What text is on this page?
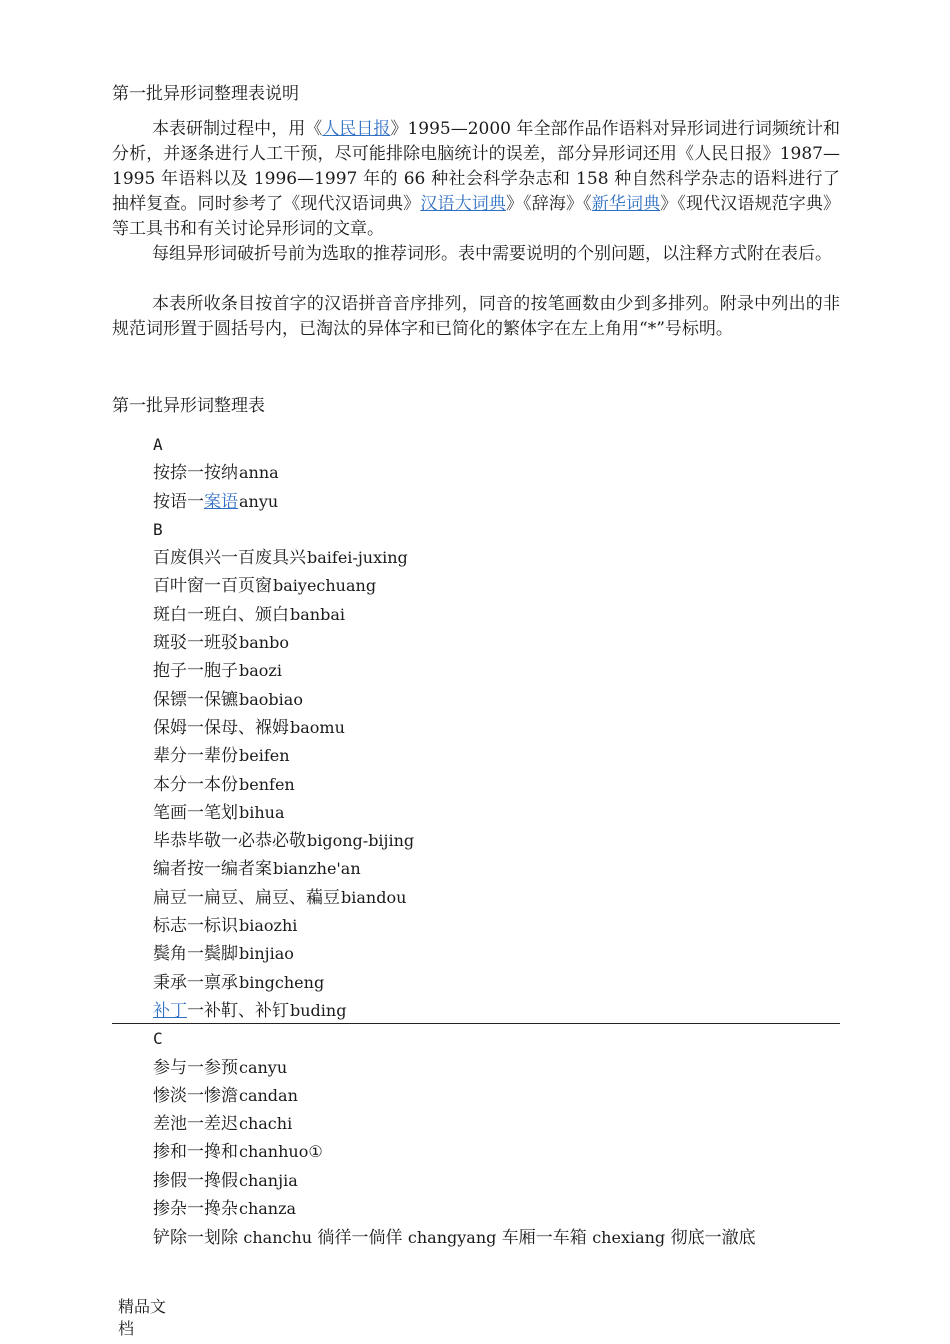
第一批异形词整理表说明
本表研制过程中，用《人民日报》1995—2000 年全部作品作语料对异形词进行词频统计和分析，并逐条进行人工干预，尽可能排除电脑统计的误差，部分异形词还用《人民日报》1987—1995 年语料以及 1996—1997 年的 66 种社会科学杂志和 158 种自然科学杂志的语料进行了抽样复查。同时参考了《现代汉语词典》汉语大词典》《辞海》《新华词典》《现代汉语规范字典》等工具书和有关讨论异形词的文章。
每组异形词破折号前为选取的推荐词形。表中需要说明的个别问题，以注释方式附在表后。
本表所收条目按首字的汉语拼音音序排列，同音的按笔画数由少到多排列。附录中列出的非规范词形置于圆括号内，已淘汰的异体字和已简化的繁体字在左上角用“*”号标明。
第一批异形词整理表
A
按捺一按纳anna
按语一案语anyu
B
百废俱兴一百废具兴baifei-juxing
百叶窗一百页窗baiyechuang
斑白一班白、颁白banbai
斑驳一班驳banbo
抱子一胞子baozi
保镖一保镳baobiao
保姆一保母、褓姆baomu
辈分一辈份beifen
本分一本份benfen
笔画一笔划bihua
毕恭毕敬一必恭必敬bigong-bijing
编者按一编者案bianzhe'an
扁豆一扁豆、扁豆、藊豆biandou
标志一标识biaozhi
鬓角一鬓脚binjiao
秉承一禀承bingcheng
补丁一补靪、补钉buding
C
参与一参预canyu
惨淡一惨澹candan
差池一差迟chachi
掺和一搀和chanhuo①
掺假一搀假chanjia
掺杂一搀杂chanza
铲除一刬除 chanchu 徜徉一倘佯 changyang 车厢一车箱 chexiang 彻底一澈底
精品文档
